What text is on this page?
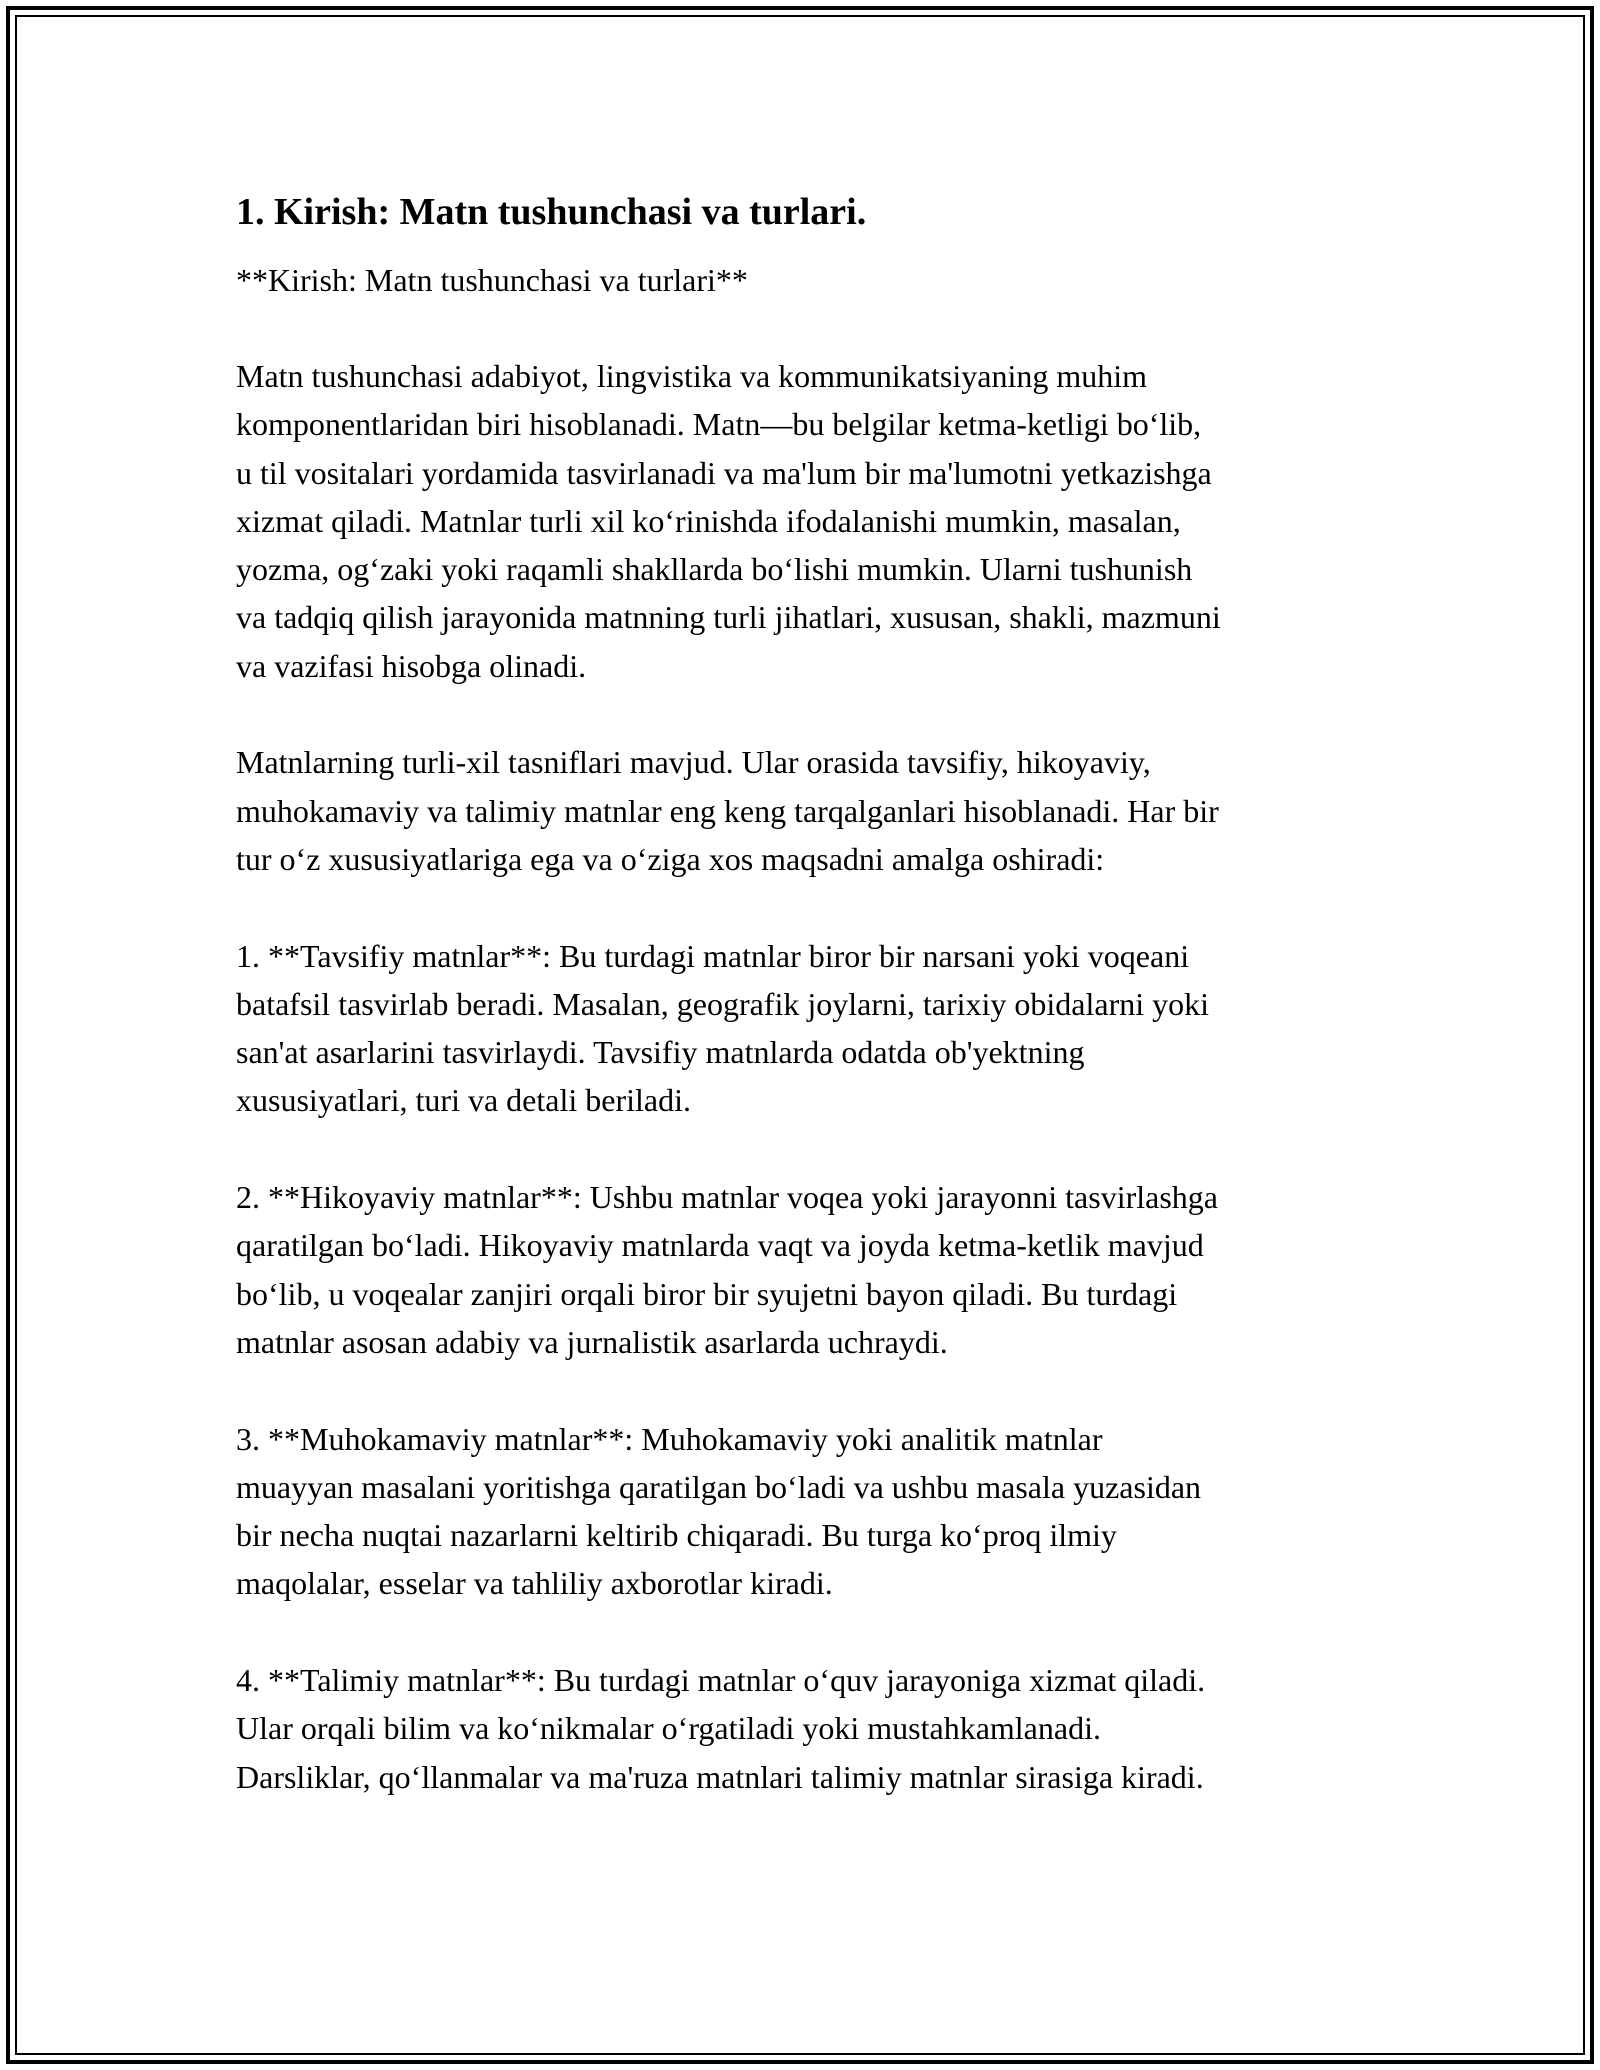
1. Kirish: Matn tushunchasi va turlari.
**Kirish: Matn tushunchasi va turlari**
Matn tushunchasi adabiyot, lingvistika va kommunikatsiyaning muhim
komponentlaridan biri hisoblanadi. Matn—bu belgilar ketma-ketligi boʻlib,
u til vositalari yordamida tasvirlanadi va ma'lum bir ma'lumotni yetkazishga
xizmat qiladi. Matnlar turli xil koʻrinishda ifodalanishi mumkin, masalan,
yozma, ogʻzaki yoki raqamli shakllarda boʻlishi mumkin. Ularni tushunish
va tadqiq qilish jarayonida matnning turli jihatlari, xususan, shakli, mazmuni
va vazifasi hisobga olinadi.
Matnlarning turli-xil tasniflari mavjud. Ular orasida tavsifiy, hikoyaviy,
muhokamaviy va talimiy matnlar eng keng tarqalganlari hisoblanadi. Har bir
tur oʻz xususiyatlariga ega va oʻziga xos maqsadni amalga oshiradi:
1. **Tavsifiy matnlar**: Bu turdagi matnlar biror bir narsani yoki voqeani
batafsil tasvirlab beradi. Masalan, geografik joylarni, tarixiy obidalarni yoki
san'at asarlarini tasvirlaydi. Tavsifiy matnlarda odatda ob'yektning
xususiyatlari, turi va detali beriladi.
2. **Hikoyaviy matnlar**: Ushbu matnlar voqea yoki jarayonni tasvirlashga
qaratilgan boʻladi. Hikoyaviy matnlarda vaqt va joyda ketma-ketlik mavjud
boʻlib, u voqealar zanjiri orqali biror bir syujetni bayon qiladi. Bu turdagi
matnlar asosan adabiy va jurnalistik asarlarda uchraydi.
3. **Muhokamaviy matnlar**: Muhokamaviy yoki analitik matnlar
muayyan masalani yoritishga qaratilgan boʻladi va ushbu masala yuzasidan
bir necha nuqtai nazarlarni keltirib chiqaradi. Bu turga koʻproq ilmiy
maqolalar, esselar va tahliliy axborotlar kiradi.
4. **Talimiy matnlar**: Bu turdagi matnlar oʻquv jarayoniga xizmat qiladi.
Ular orqali bilim va koʻnikmalar oʻrgatiladi yoki mustahkamlanadi.
Darsliklar, qoʻllanmalar va ma'ruza matnlari talimiy matnlar sirasiga kiradi.
